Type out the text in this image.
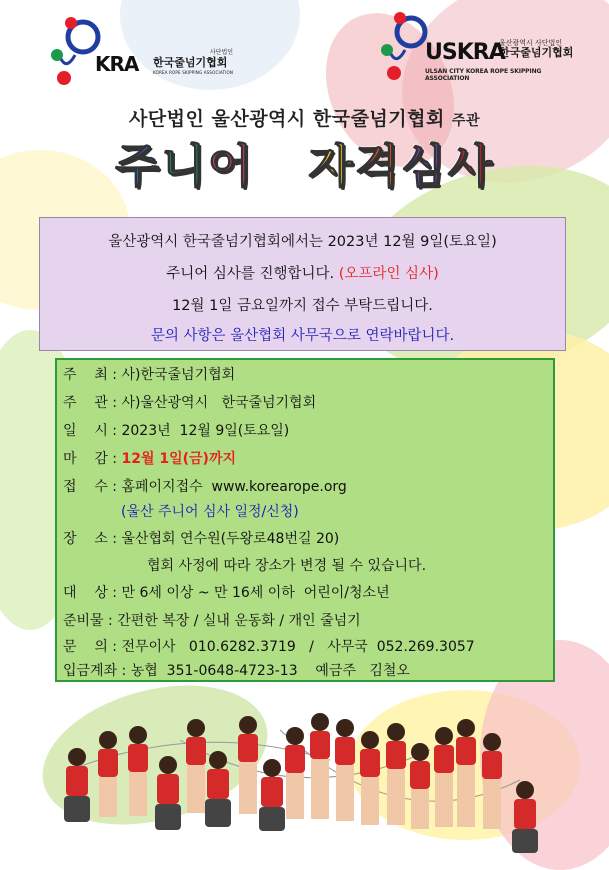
KRA	사단법인
한국줄넘기협회
KOREA ROPE SKIPPING ASSOCIATION
USKRA
울산광역시 사단법인
한국줄넘기협회
ULSAN CITY KOREA ROPE SKIPPING ASSOCIATION
사단법인 울산광역시 한국줄넘기협회 주관
주니어 자격심사
울산광역시 한국줄넘기협회에서는 2023년 12월 9일(토요일)
주니어 심사를 진행합니다. (오프라인 심사)
12월 1일 금요일까지 접수 부탁드립니다.
문의 사항은 울산협회 사무국으로 연락바랍니다.
주    최 : 사)한국줄넘기협회
주    관 : 사)울산광역시   한국줄넘기협회
일    시 : 2023년  12월 9일(토요일)
마    감 : 12월 1일(금)까지
접    수 : 홈페이지접수  www.korearope.org
(울산 주니어 심사 일정/신청)
장    소 : 울산협회 연수원(두왕로48번길 20)
협회 사정에 따라 장소가 변경 될 수 있습니다.
대    상 : 만 6세 이상 ~ 만 16세 이하  어린이/청소년
준비물 : 간편한 복장 / 실내 운동화 / 개인 줄넘기
문    의 : 전무이사   010.6282.3719   /   사무국  052.269.3057
입금계좌 : 농협  351-0648-4723-13    예금주   김철오
